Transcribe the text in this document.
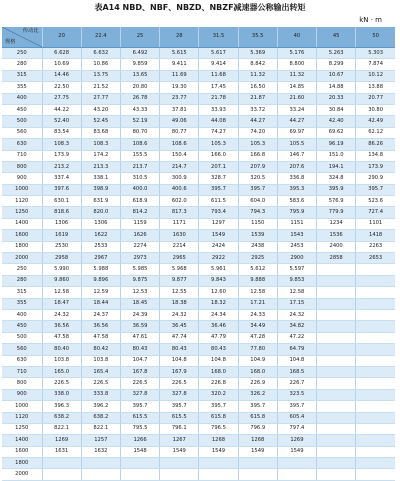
表A14 NBD、NBF、NBZD、NBZF减速器公称输出转矩
kN · m
传动比
规格	20	22.4	25	28	31.5	35.5	40	45	50
250	6.628	6.632	6.492	5.615	5.617	5.369	5.176	5.263	5.303
280	10.69	10.86	9.859	9.411	9.414	8.842	8.800	8.299	7.874
315	14.46	13.75	13.65	11.69	11.68	11.32	11.32	10.67	10.12
355	22.50	21.52	20.80	19.30	17.45	16.50	14.85	14.88	13.88
400	27.75	27.77	26.78	23.77	21.78	21.87	21.60	20.33	20.77
450	44.22	43.20	43.33	37.81	33.93	33.72	33.24	30.84	30.80
500	52.40	52.45	52.19	49.06	44.08	44.27	44.27	42.40	42.49
560	83.54	83.68	80.70	80.77	74.27	74.20	69.97	69.62	62.12
630	108.3	108.3	108.6	108.6	105.3	105.3	105.5	96.19	86.26
710	173.9	174.2	155.5	150.4	166.0	166.8	146.7	151.0	134.8
800	213.2	213.3	213.7	214.7	207.1	207.9	207.6	194.1	173.9
900	337.4	338.1	310.5	300.9	328.7	320.5	336.8	324.8	290.9
1000	397.6	398.9	400.0	400.6	395.7	395.7	395.3	395.9	395.7
1120	630.1	631.9	618.9	602.0	611.5	604.0	583.6	576.9	523.6
1250	818.6	820.0	814.2	817.3	793.4	794.3	795.9	779.9	727.4
1400	1306	1306	1159	1171	1297	1150	1151	1234	1101
1600	1619	1622	1626	1630	1549	1539	1543	1536	1418
1800	2530	2533	2274	2214	2424	2438	2453	2400	2263
2000	2958	2967	2973	2965	2922	2925	2900	2858	2653
250	5.990	5.988	5.985	5.968	5.961	5.612	5.597		
280	9.860	9.896	9.875	9.877	9.843	9.888	9.853		
315	12.58	12.59	12.53	12.55	12.60	12.58	12.58		
355	18.47	18.44	18.45	18.38	18.32	17.21	17.15		
400	24.32	24.37	24.39	24.32	24.34	24.33	24.32		
450	36.56	36.56	36.59	36.45	36.46	34.49	34.82		
500	47.58	47.58	47.61	47.74	47.79	47.28	47.22		
560	80.40	80.42	80.43	80.43	80.43	77.80	64.79		
630	103.8	103.8	104.7	104.8	104.8	104.9	104.8		
710	165.0	165.4	167.8	167.9	168.0	168.0	168.5		
800	226.5	226.5	226.5	226.5	226.8	226.9	226.7		
900	338.0	333.8	327.8	327.8	320.2	326.2	323.5		
1000	396.3	396.2	395.7	395.7	395.7	395.7	395.7		
1120	638.2	638.2	615.5	615.5	615.8	615.8	605.4		
1250	822.1	822.1	795.5	796.1	796.5	796.9	797.4		
1400	1269	1257	1266	1267	1268	1268	1269		
1600	1631	1632	1548	1549	1549	1549	1549		
1800									
2000									
